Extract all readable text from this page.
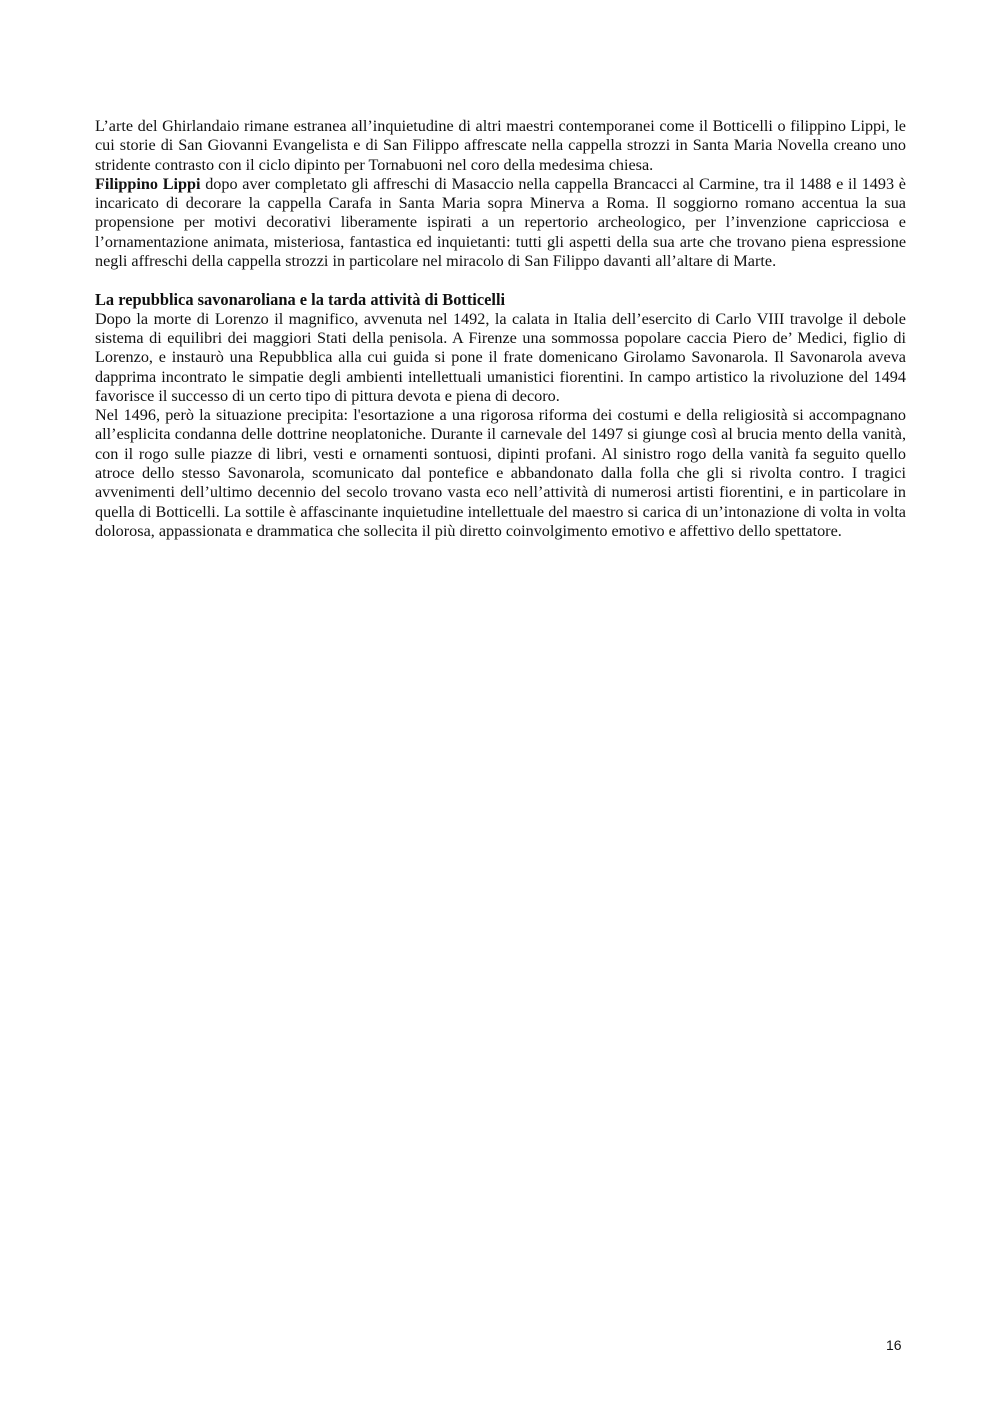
L’arte del Ghirlandaio rimane estranea all’inquietudine di altri maestri contemporanei come il Botticelli o filippino Lippi, le cui storie di San Giovanni Evangelista e di San Filippo affrescate nella cappella strozzi in Santa Maria Novella creano uno stridente contrasto con il ciclo dipinto per Tornabuoni nel coro della medesima chiesa.

Filippino Lippi dopo aver completato gli affreschi di Masaccio nella cappella Brancacci al Carmine, tra il 1488 e il 1493 è incaricato di decorare la cappella Carafa in Santa Maria sopra Minerva a Roma. Il soggiorno romano accentua la sua propensione per motivi decorativi liberamente ispirati a un repertorio archeologico, per l’invenzione capricciosa e l’ornamentazione animata, misteriosa, fantastica ed inquietanti: tutti gli aspetti della sua arte che trovano piena espressione negli affreschi della cappella strozzi in particolare nel miracolo di San Filippo davanti all’altare di Marte.

La repubblica savonaroliana e la tarda attività di Botticelli

Dopo la morte di Lorenzo il magnifico, avvenuta nel 1492, la calata in Italia dell’esercito di Carlo VIII travolge il debole sistema di equilibri dei maggiori Stati della penisola. A Firenze una sommossa popolare caccia Piero de’ Medici, figlio di Lorenzo, e instaurò una Repubblica alla cui guida si pone il frate domenicano Girolamo Savonarola. Il Savonarola aveva dapprima incontrato le simpatie degli ambienti intellettuali umanistici fiorentini. In campo artistico la rivoluzione del 1494 favorisce il successo di un certo tipo di pittura devota e piena di decoro.

Nel 1496, però la situazione precipita: l'esortazione a una rigorosa riforma dei costumi e della religiosità si accompagnano all’esplicita condanna delle dottrine neoplatoniche. Durante il carnevale del 1497 si giunge così al brucia mento della vanità, con il rogo sulle piazze di libri, vesti e ornamenti sontuosi, dipinti profani. Al sinistro rogo della vanità fa seguito quello atroce dello stesso Savonarola, scomunicato dal pontefice e abbandonato dalla folla che gli si rivolta contro. I tragici avvenimenti dell’ultimo decennio del secolo trovano vasta eco nell’attività di numerosi artisti fiorentini, e in particolare in quella di Botticelli. La sottile è affascinante inquietudine intellettuale del maestro si carica di un’intonazione di volta in volta dolorosa, appassionata e drammatica che sollecita il più diretto coinvolgimento emotivo e affettivo dello spettatore.

16
